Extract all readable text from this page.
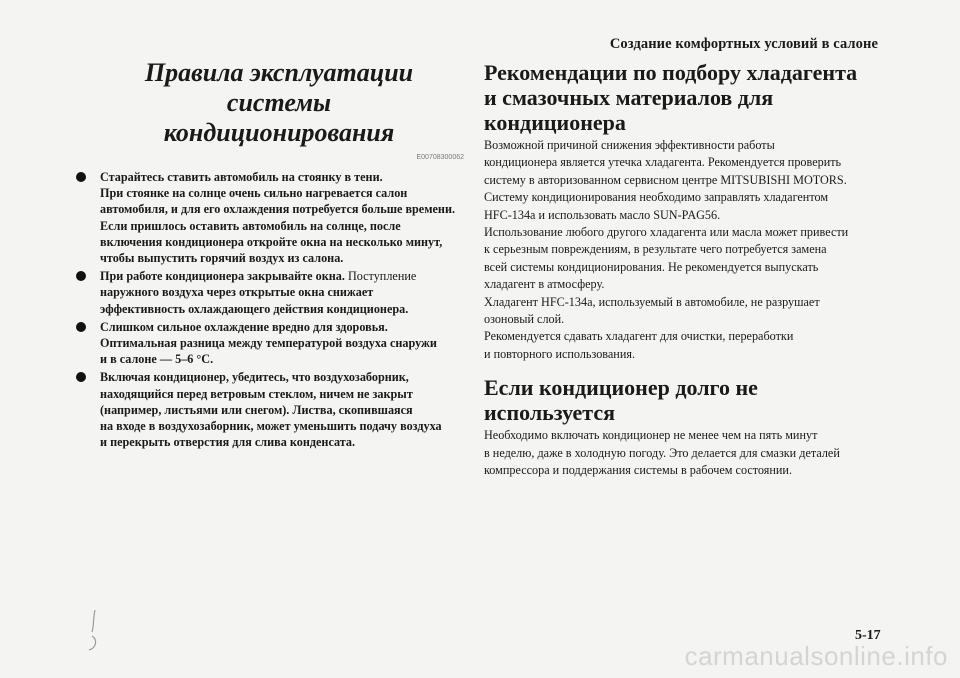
Создание комфортных условий в салоне
Правила эксплуатации системы
кондиционирования
E00708300062
Старайтесь ставить автомобиль на стоянку в тени.
При стоянке на солнце очень сильно нагревается салон
автомобиля, и для его охлаждения потребуется больше времени.
Если пришлось оставить автомобиль на солнце, после
включения кондиционера откройте окна на несколько минут,
чтобы выпустить горячий воздух из салона.
При работе кондиционера закрывайте окна. Поступление
наружного воздуха через открытые окна снижает
эффективность охлаждающего действия кондиционера.
Слишком сильное охлаждение вредно для здоровья.
Оптимальная разница между температурой воздуха снаружи
и в салоне — 5–6 °C.
Включая кондиционер, убедитесь, что воздухозаборник,
находящийся перед ветровым стеклом, ничем не закрыт
(например, листьями или снегом). Листва, скопившаяся
на входе в воздухозаборник, может уменьшить подачу воздуха
и перекрыть отверстия для слива конденсата.
Рекомендации по подбору хладагента
и смазочных материалов для кондиционера

Возможной причиной снижения эффективности работы
кондиционера является утечка хладагента. Рекомендуется проверить
систему в авторизованном сервисном центре MITSUBISHI MOTORS.
Систему кондиционирования необходимо заправлять хладагентом
HFC-134a и использовать масло SUN-PAG56.
Использование любого другого хладагента или масла может привести
к серьезным повреждениям, в результате чего потребуется замена
всей системы кондиционирования. Не рекомендуется выпускать
хладагент в атмосферу.
Хладагент HFC-134a, используемый в автомобиле, не разрушает
озоновый слой.
Рекомендуется сдавать хладагент для очистки, переработки
и повторного использования.

Если кондиционер долго не используется

Необходимо включать кондиционер не менее чем на пять минут
в неделю, даже в холодную погоду. Это делается для смазки деталей
компрессора и поддержания системы в рабочем состоянии.

5-17
carmanualsonline.info
